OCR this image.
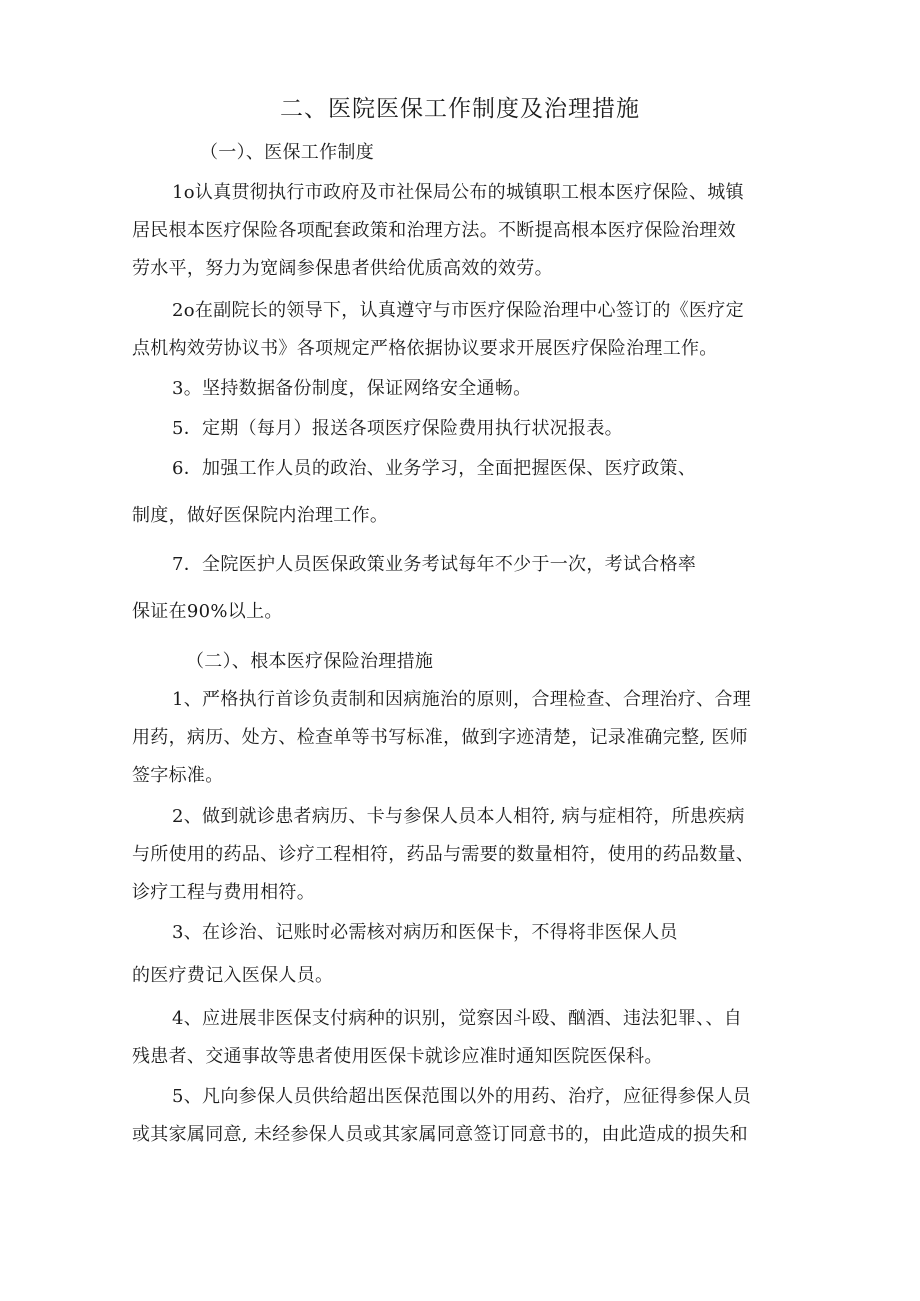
二、医院医保工作制度及治理措施
（一）、医保工作制度
1o认真贯彻执行市政府及市社保局公布的城镇职工根本医疗保险、城镇
居民根本医疗保险各项配套政策和治理方法。不断提高根本医疗保险治理效
劳水平，努力为宽阔参保患者供给优质高效的效劳。
2o在副院长的领导下，认真遵守与市医疗保险治理中心签订的《医疗定
点机构效劳协议书》各项规定严格依据协议要求开展医疗保险治理工作。
3。坚持数据备份制度，保证网络安全通畅。
5．定期（每月）报送各项医疗保险费用执行状况报表。
6．加强工作人员的政治、业务学习，全面把握医保、医疗政策、
制度，做好医保院内治理工作。
7．全院医护人员医保政策业务考试每年不少于一次，考试合格率
保证在90%以上。
（二）、根本医疗保险治理措施
1、严格执行首诊负责制和因病施治的原则，合理检查、合理治疗、合理
用药，病历、处方、检查单等书写标准，做到字迹清楚，记录准确完整, 医师
签字标准。
2、做到就诊患者病历、卡与参保人员本人相符, 病与症相符，所患疾病
与所使用的药品、诊疗工程相符，药品与需要的数量相符，使用的药品数量、
诊疗工程与费用相符。
3、在诊治、记账时必需核对病历和医保卡，不得将非医保人员
的医疗费记入医保人员。
4、应进展非医保支付病种的识别，觉察因斗殴、酗酒、违法犯罪、、自
残患者、交通事故等患者使用医保卡就诊应准时通知医院医保科。
5、凡向参保人员供给超出医保范围以外的用药、治疗，应征得参保人员
或其家属同意, 未经参保人员或其家属同意签订同意书的，由此造成的损失和
